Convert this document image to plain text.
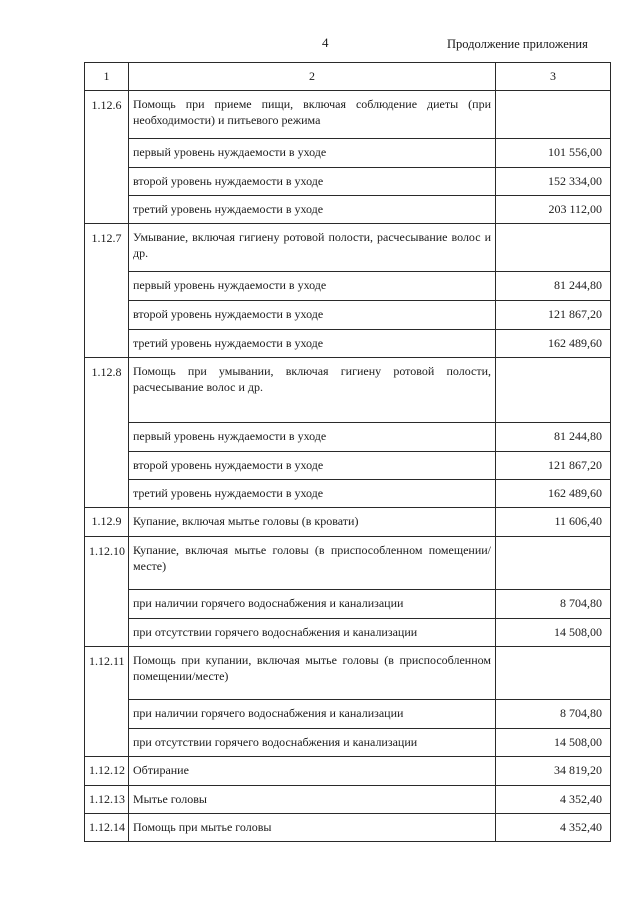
4	Продолжение приложения
1	2	3
1.12.6	Помощь при приеме пищи, включая соблюдение диеты (при необходимости) и питьевого режима	
	первый уровень нуждаемости в уходе	101 556,00
	второй уровень нуждаемости в уходе	152 334,00
	третий уровень нуждаемости в уходе	203 112,00
1.12.7	Умывание, включая гигиену ротовой полости, расчесывание волос и др.	
	первый уровень нуждаемости в уходе	81 244,80
	второй уровень нуждаемости в уходе	121 867,20
	третий уровень нуждаемости в уходе	162 489,60
1.12.8	Помощь при умывании, включая гигиену ротовой полости, расчесывание волос и др.	
	первый уровень нуждаемости в уходе	81 244,80
	второй уровень нуждаемости в уходе	121 867,20
	третий уровень нуждаемости в уходе	162 489,60
1.12.9	Купание, включая мытье головы (в кровати)	11 606,40
1.12.10	Купание, включая мытье головы (в приспособленном помещении/месте)	
	при наличии горячего водоснабжения и канализации	8 704,80
	при отсутствии горячего водоснабжения и канализации	14 508,00
1.12.11	Помощь при купании, включая мытье головы (в приспособленном помещении/месте)	
	при наличии горячего водоснабжения и канализации	8 704,80
	при отсутствии горячего водоснабжения и канализации	14 508,00
1.12.12	Обтирание	34 819,20
1.12.13	Мытье головы	4 352,40
1.12.14	Помощь при мытье головы	4 352,40
